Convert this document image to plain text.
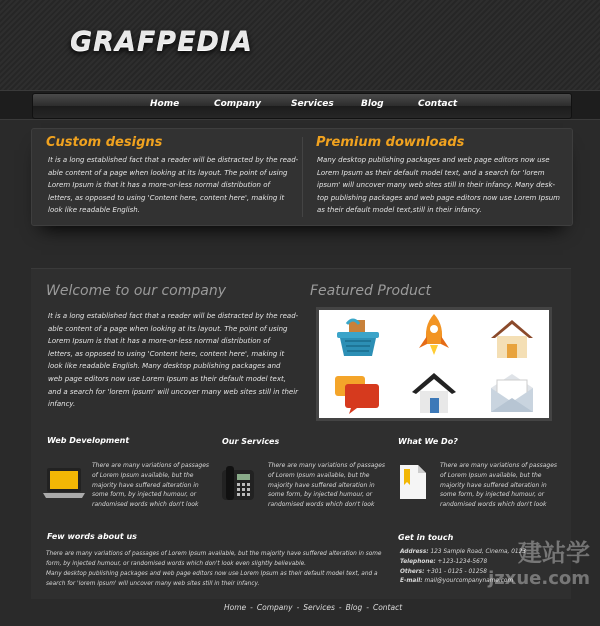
GRAFPEDIA
Home	Company	Services	Blog	Contact
Custom designs
It is a long established fact that a reader will be distracted by the read-
able content of a page when looking at its layout. The point of using
Lorem Ipsum is that it has a more-or-less normal distribution of
letters, as opposed to using 'Content here, content here', making it
look like readable English.
Premium downloads
Many desktop publishing packages and web page editors now use
Lorem Ipsum as their default model text, and a search for 'lorem
ipsum' will uncover many web sites still in their infancy. Many desk-
top publishing packages and web page editors now use Lorem Ipsum
as their default model text,still in their infancy.
Welcome to our company
It is a long established fact that a reader will be distracted by the read-
able content of a page when looking at its layout. The point of using
Lorem Ipsum is that it has a more-or-less normal distribution of
letters, as opposed to using 'Content here, content here', making it
look like readable English. Many desktop publishing packages and
web page editors now use Lorem Ipsum as their default model text,
and a search for 'lorem ipsum' will uncover many web sites still in their
infancy.
Featured Product
Web Development
There are many variations of passages
of Lorem Ipsum available, but the
majority have suffered alteration in
some form, by injected humour, or
randomised words which don't look
Our Services
There are many variations of passages
of Lorem Ipsum available, but the
majority have suffered alteration in
some form, by injected humour, or
randomised words which don't look
What We Do?
There are many variations of passages
of Lorem Ipsum available, but the
majority have suffered alteration in
some form, by injected humour, or
randomised words which don't look
Few words about us
There are many variations of passages of Lorem Ipsum available, but the majority have suffered alteration in some
form, by injected humour, or randomised words which don't look even slightly believable.
Many desktop publishing packages and web page editors now use Lorem Ipsum as their default model text, and a
search for 'lorem ipsum' will uncover many web sites still in their infancy.
Get in touch
Address: 123 Sample Road, Cinema, 0123
Telephone: +123-1234-5678
Others: +301 - 0125 - 01258
E-mail: mail@yourcompanyname.com
Home - Company - Services - Blog - Contact
建站学
jzxue.com
